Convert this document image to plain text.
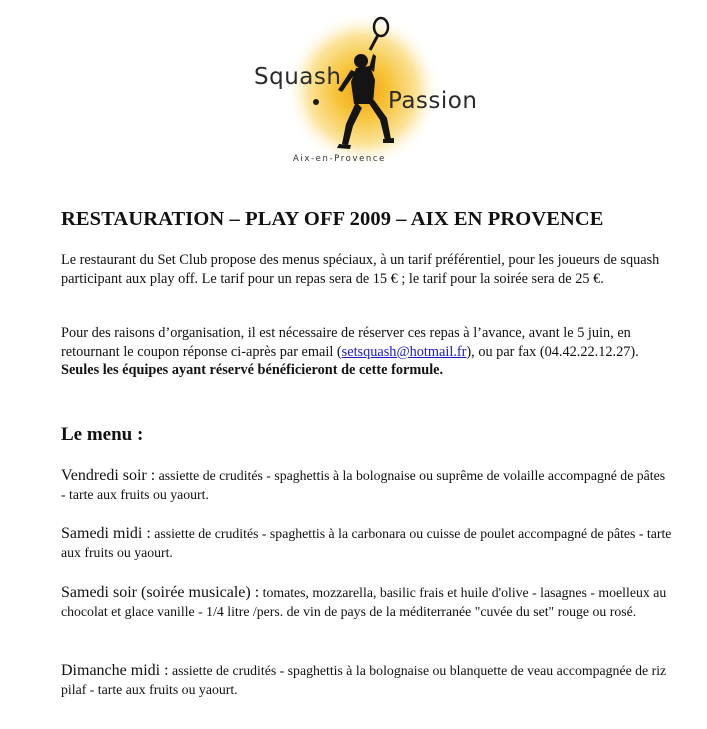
Squash
Passion
Aix-en-Provence
RESTAURATION – PLAY OFF 2009 – AIX EN PROVENCE

Le restaurant du Set Club propose des menus spéciaux, à un tarif préférentiel, pour les joueurs de squash participant aux play off. Le tarif pour un repas sera de 15 € ; le tarif pour la soirée sera de 25 €.

Pour des raisons d’organisation, il est nécessaire de réserver ces repas à l’avance, avant le 5 juin, en retournant le coupon réponse ci-après par email (setsquash@hotmail.fr), ou par fax (04.42.22.12.27). Seules les équipes ayant réservé bénéficieront de cette formule.

Le menu :

Vendredi soir : assiette de crudités - spaghettis à la bolognaise ou suprême de volaille accompagné de pâtes - tarte aux fruits ou yaourt.

Samedi midi : assiette de crudités - spaghettis à la carbonara ou cuisse de poulet accompagné de pâtes - tarte aux fruits ou yaourt.

Samedi soir (soirée musicale) : tomates, mozzarella, basilic frais et huile d'olive - lasagnes - moelleux au chocolat et glace vanille - 1/4 litre /pers. de vin de pays de la méditerranée "cuvée du set" rouge ou rosé.

Dimanche midi : assiette de crudités - spaghettis à la bolognaise ou blanquette de veau accompagnée de riz pilaf - tarte aux fruits ou yaourt.
